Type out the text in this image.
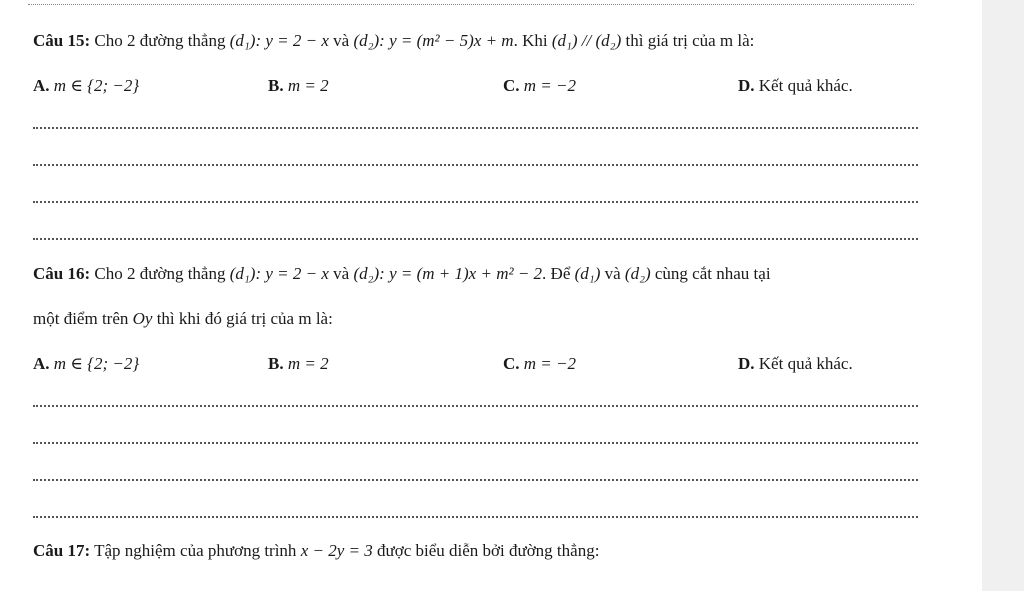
Câu 15: Cho 2 đường thẳng (d₁): y = 2 − x và (d₂): y = (m² − 5)x + m. Khi (d₁) // (d₂) thì giá trị của m là:
A. m ∈ {2; −2}	B. m = 2	C. m = −2	D. Kết quả khác.
Câu 16: Cho 2 đường thẳng (d₁): y = 2 − x và (d₂): y = (m + 1)x + m² − 2. Để (d₁) và (d₂) cùng cắt nhau tại
một điểm trên Oy thì khi đó giá trị của m là:
A. m ∈ {2; −2}	B. m = 2	C. m = −2	D. Kết quả khác.
Câu 17: Tập nghiệm của phương trình x − 2y = 3 được biểu diễn bởi đường thẳng:
